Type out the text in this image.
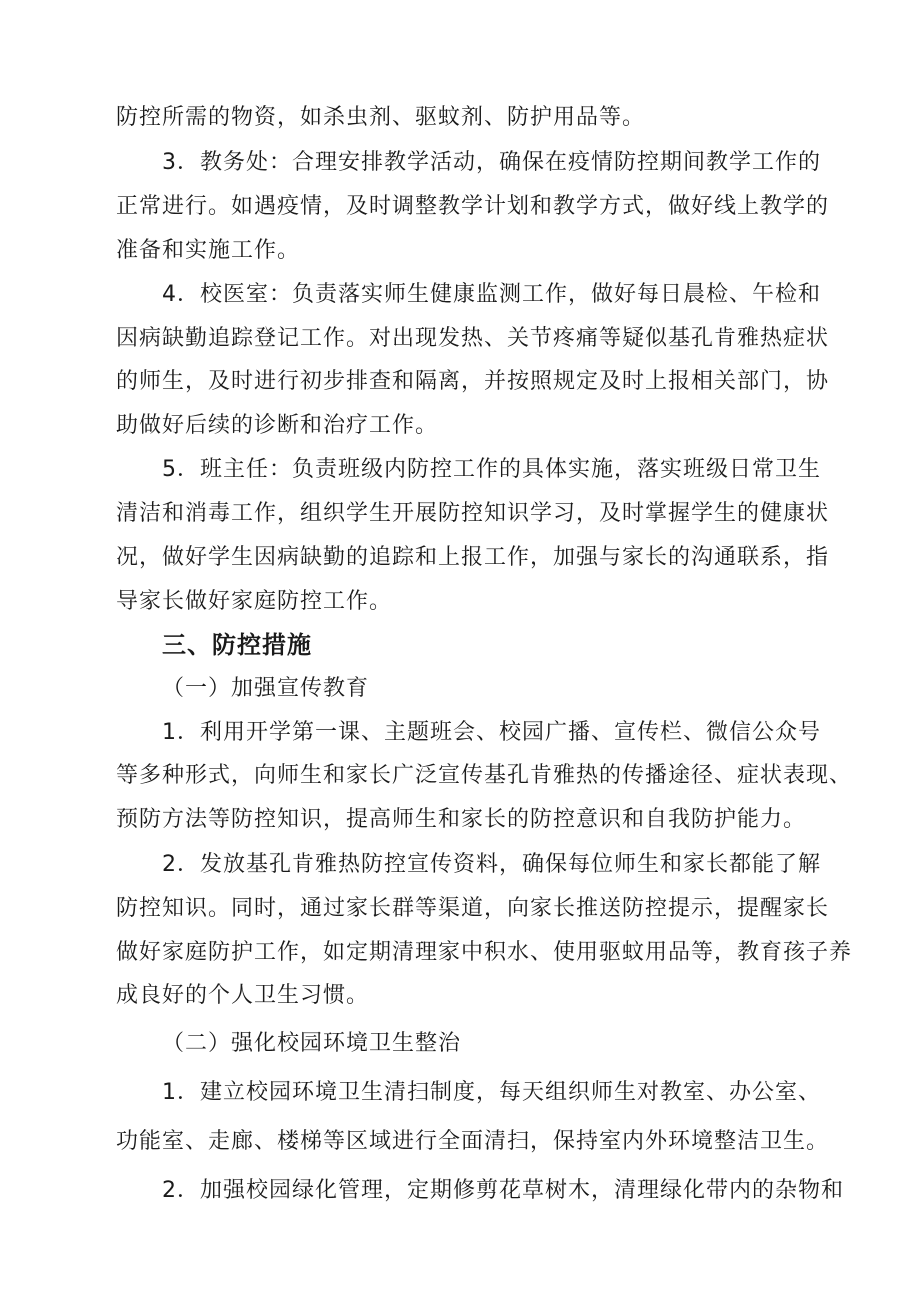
防控所需的物资，如杀虫剂、驱蚊剂、防护用品等。
3．教务处：合理安排教学活动，确保在疫情防控期间教学工作的
正常进行。如遇疫情，及时调整教学计划和教学方式，做好线上教学的
准备和实施工作。
4．校医室：负责落实师生健康监测工作，做好每日晨检、午检和
因病缺勤追踪登记工作。对出现发热、关节疼痛等疑似基孔肯雅热症状
的师生，及时进行初步排查和隔离，并按照规定及时上报相关部门，协
助做好后续的诊断和治疗工作。
5．班主任：负责班级内防控工作的具体实施，落实班级日常卫生
清洁和消毒工作，组织学生开展防控知识学习，及时掌握学生的健康状
况，做好学生因病缺勤的追踪和上报工作，加强与家长的沟通联系，指
导家长做好家庭防控工作。
三、防控措施
（一）加强宣传教育
1．利用开学第一课、主题班会、校园广播、宣传栏、微信公众号
等多种形式，向师生和家长广泛宣传基孔肯雅热的传播途径、症状表现、
预防方法等防控知识，提高师生和家长的防控意识和自我防护能力。
2．发放基孔肯雅热防控宣传资料，确保每位师生和家长都能了解
防控知识。同时，通过家长群等渠道，向家长推送防控提示，提醒家长
做好家庭防护工作，如定期清理家中积水、使用驱蚊用品等，教育孩子养
成良好的个人卫生习惯。
（二）强化校园环境卫生整治
1．建立校园环境卫生清扫制度，每天组织师生对教室、办公室、
功能室、走廊、楼梯等区域进行全面清扫，保持室内外环境整洁卫生。
2．加强校园绿化管理，定期修剪花草树木，清理绿化带内的杂物和
